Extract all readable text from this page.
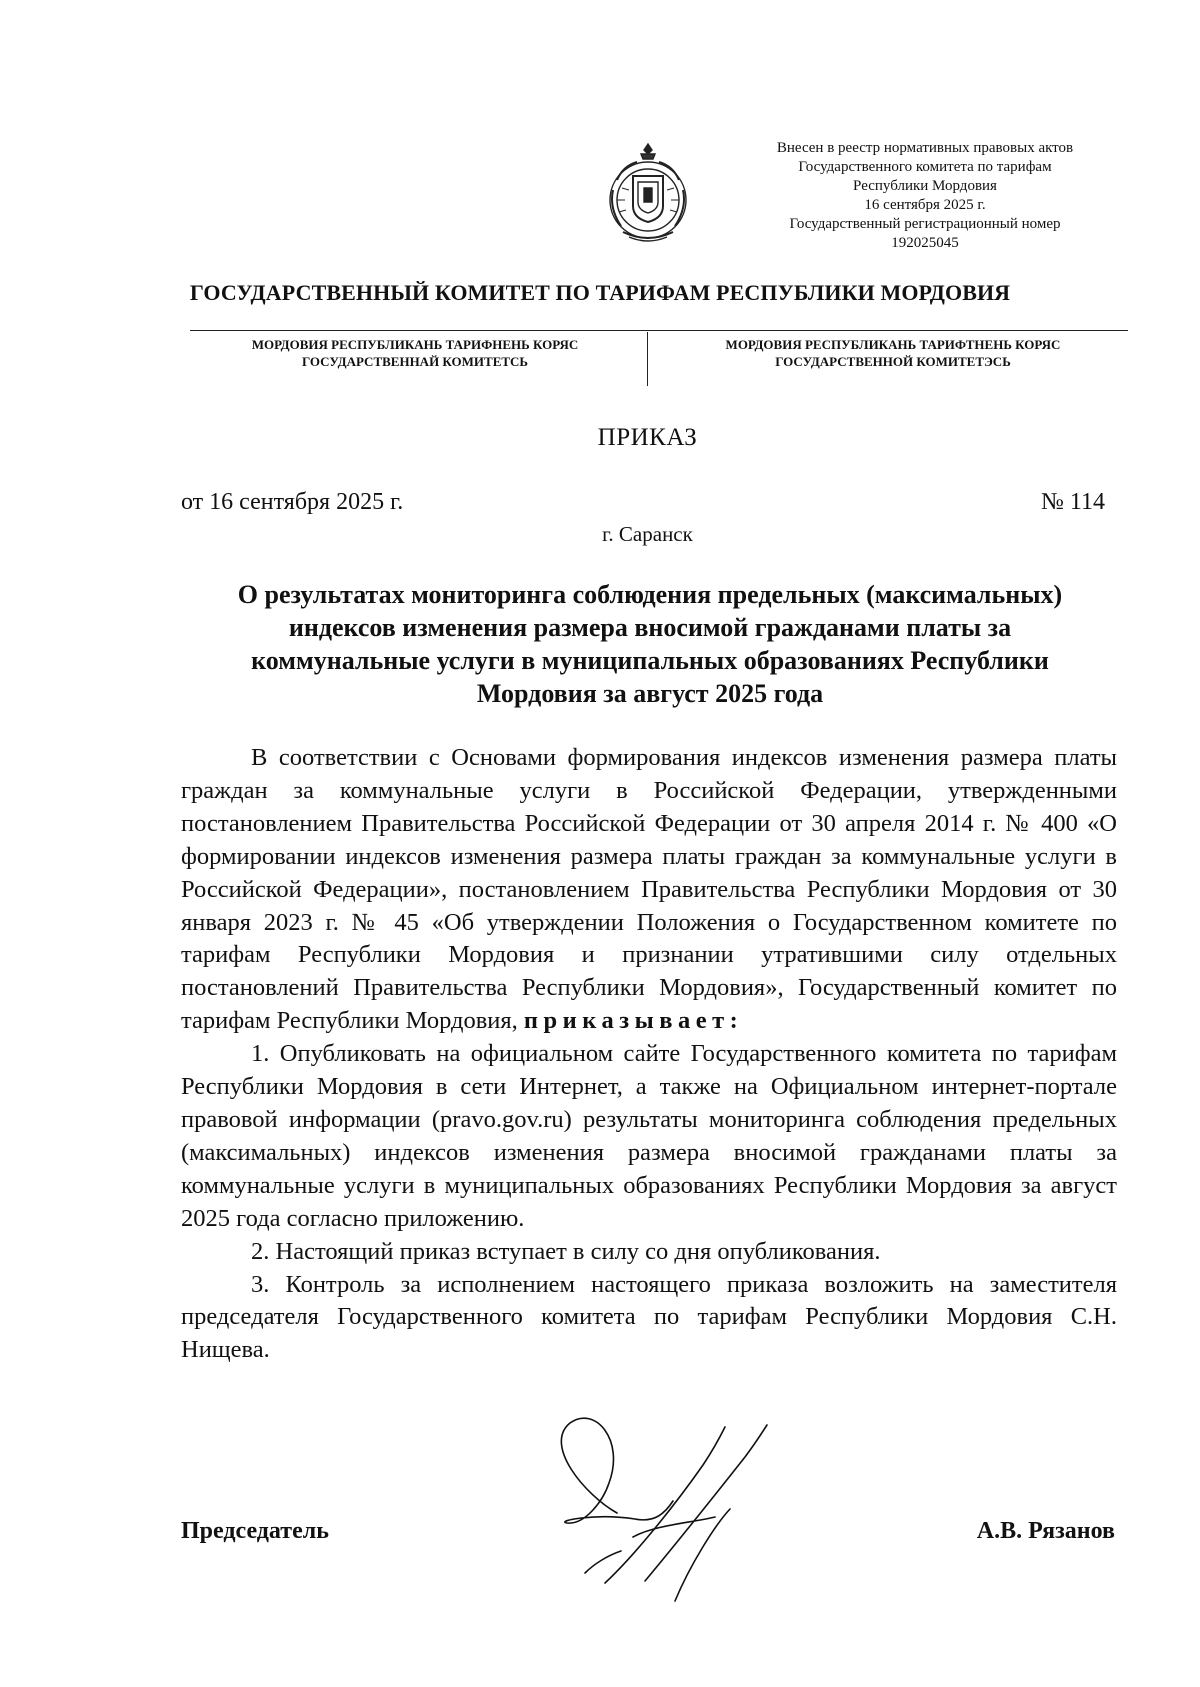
Внесен в реестр нормативных правовых актов
Государственного комитета по тарифам
Республики Мордовия
16 сентября 2025 г.
Государственный регистрационный номер
192025045
ГОСУДАРСТВЕННЫЙ КОМИТЕТ ПО ТАРИФАМ РЕСПУБЛИКИ МОРДОВИЯ
МОРДОВИЯ РЕСПУБЛИКАНЬ ТАРИФНЕНЬ КОРЯС
ГОСУДАРСТВЕННАЙ КОМИТЕТСЬ
МОРДОВИЯ РЕСПУБЛИКАНЬ ТАРИФТНЕНЬ КОРЯС
ГОСУДАРСТВЕННОЙ КОМИТЕТЭСЬ
ПРИКАЗ
от 16 сентября 2025 г.	№ 114
г. Саранск
О результатах мониторинга соблюдения предельных (максимальных)
индексов изменения размера вносимой гражданами платы за
коммунальные услуги в муниципальных образованиях Республики
Мордовия за август 2025 года

В соответствии с Основами формирования индексов изменения размера платы граждан за коммунальные услуги в Российской Федерации, утвержденными постановлением Правительства Российской Федерации от 30 апреля 2014 г. № 400 «О формировании индексов изменения размера платы граждан за коммунальные услуги в Российской Федерации», постановлением Правительства Республики Мордовия от 30 января 2023 г. № 45 «Об утверждении Положения о Государственном комитете по тарифам Республики Мордовия и признании утратившими силу отдельных постановлений Правительства Республики Мордовия», Государственный комитет по тарифам Республики Мордовия, приказывает:

1. Опубликовать на официальном сайте Государственного комитета по тарифам Республики Мордовия в сети Интернет, а также на Официальном интернет-портале правовой информации (pravo.gov.ru) результаты мониторинга соблюдения предельных (максимальных) индексов изменения размера вносимой гражданами платы за коммунальные услуги в муниципальных образованиях Республики Мордовия за август 2025 года согласно приложению.

2. Настоящий приказ вступает в силу со дня опубликования.

3. Контроль за исполнением настоящего приказа возложить на заместителя председателя Государственного комитета по тарифам Республики Мордовия С.Н. Нищева.

Председатель	А.В. Рязанов
